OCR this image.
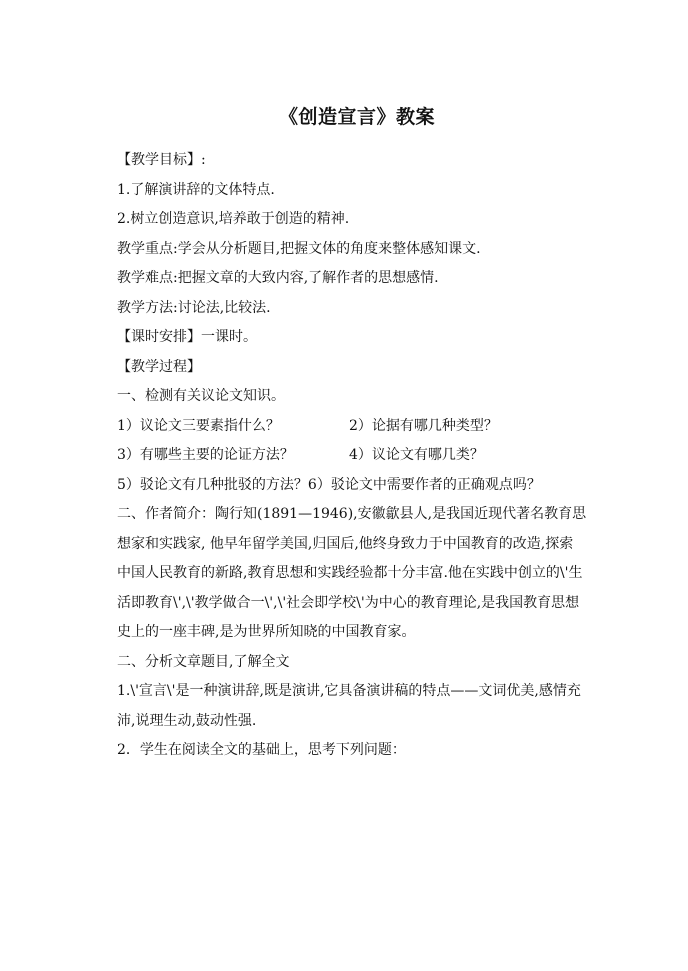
《创造宣言》教案

【教学目标】:

1.了解演讲辞的文体特点.

2.树立创造意识,培养敢于创造的精神.

教学重点:学会从分析题目,把握文体的角度来整体感知课文.

教学难点:把握文章的大致内容,了解作者的思想感情.

教学方法:讨论法,比较法.

【课时安排】一课时。

【教学过程】

一、检测有关议论文知识。

1）议论文三要素指什么？	2）论据有哪几种类型？
3）有哪些主要的论证方法？	4）议论文有哪几类？

5）驳论文有几种批驳的方法？6）驳论文中需要作者的正确观点吗？

二、作者简介：陶行知(1891—1946),安徽歙县人,是我国近现代著名教育思想家和实践家, 他早年留学美国,归国后,他终身致力于中国教育的改造,探索中国人民教育的新路,教育思想和实践经验都十分丰富.他在实践中创立的\'生活即教育\',\'教学做合一\',\'社会即学校\'为中心的教育理论,是我国教育思想史上的一座丰碑,是为世界所知晓的中国教育家。

二、分析文章题目,了解全文

1.\'宣言\'是一种演讲辞,既是演讲,它具备演讲稿的特点——文词优美,感情充沛,说理生动,鼓动性强.

2．学生在阅读全文的基础上，思考下列问题：
